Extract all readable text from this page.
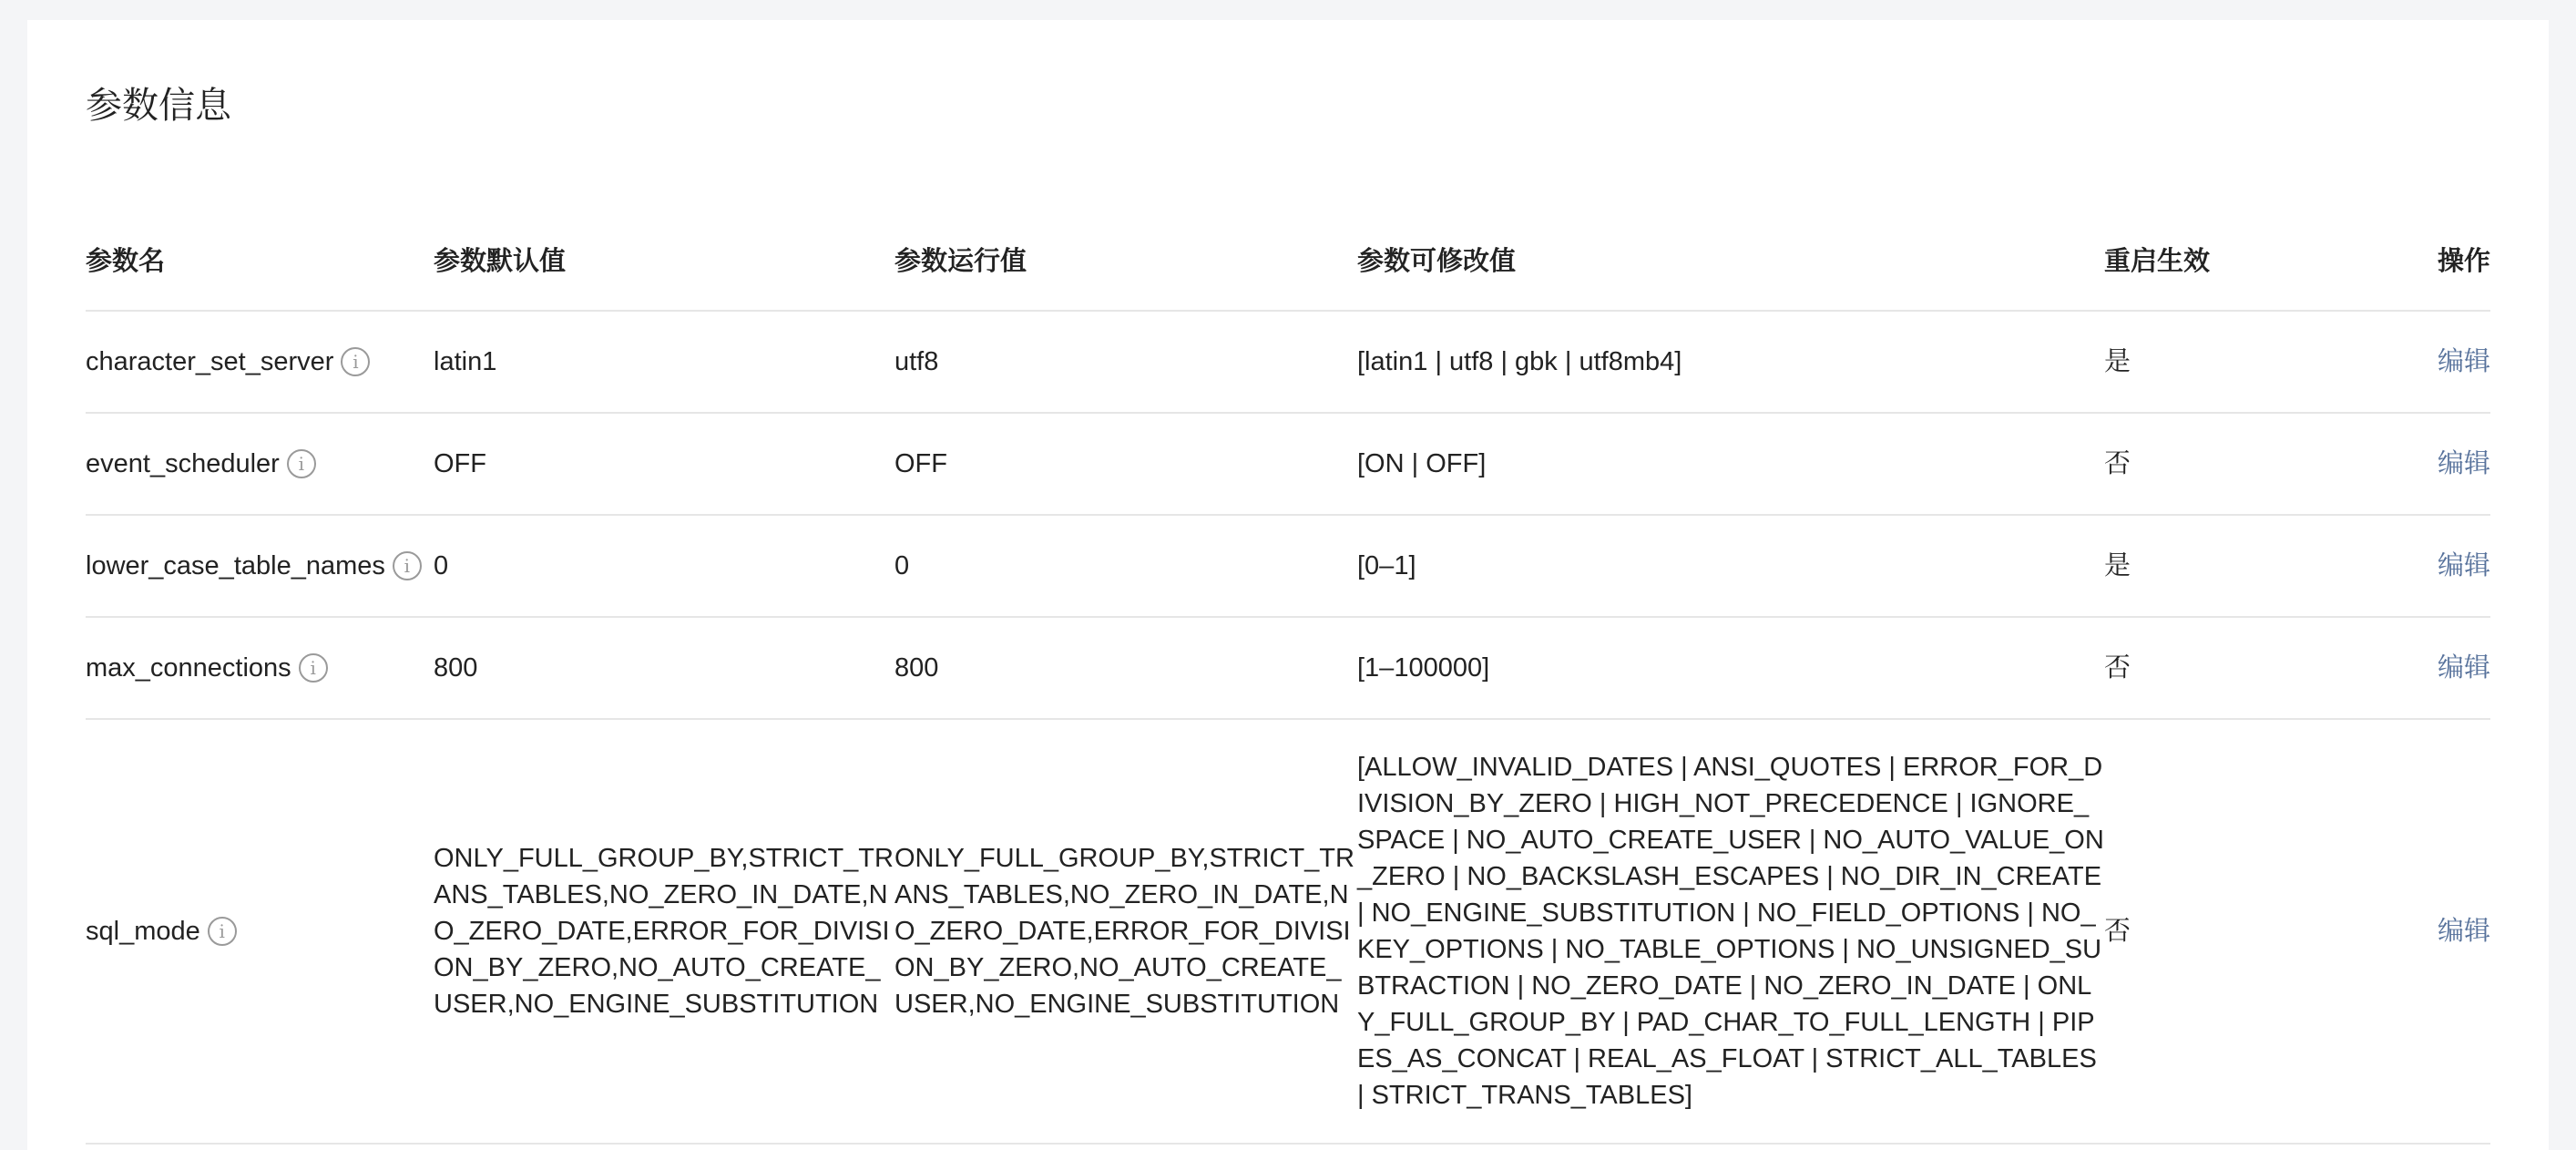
参数信息
参数名	参数默认值	参数运行值	参数可修改值	重启生效	操作

character_set_server i	latin1	utf8	[latin1 | utf8 | gbk | utf8mb4]	是	编辑

event_scheduler i	OFF	OFF	[ON | OFF]	否	编辑

lower_case_table_names i	0	0	[0–1]	是	编辑

max_connections i	800	800	[1–100000]	否	编辑

sql_mode i	ONLY_FULL_GROUP_BY,STRICT_TRANS_TABLES,NO_ZERO_IN_DATE,NO_ZERO_DATE,ERROR_FOR_DIVISION_BY_ZERO,NO_AUTO_CREATE_USER,NO_ENGINE_SUBSTITUTION	ONLY_FULL_GROUP_BY,STRICT_TRANS_TABLES,NO_ZERO_IN_DATE,NO_ZERO_DATE,ERROR_FOR_DIVISION_BY_ZERO,NO_AUTO_CREATE_USER,NO_ENGINE_SUBSTITUTION	[ALLOW_INVALID_DATES | ANSI_QUOTES | ERROR_FOR_DIVISION_BY_ZERO | HIGH_NOT_PRECEDENCE | IGNORE_SPACE | NO_AUTO_CREATE_USER | NO_AUTO_VALUE_ON_ZERO | NO_BACKSLASH_ESCAPES | NO_DIR_IN_CREATE | NO_ENGINE_SUBSTITUTION | NO_FIELD_OPTIONS | NO_KEY_OPTIONS | NO_TABLE_OPTIONS | NO_UNSIGNED_SUBTRACTION | NO_ZERO_DATE | NO_ZERO_IN_DATE | ONLY_FULL_GROUP_BY | PAD_CHAR_TO_FULL_LENGTH | PIPES_AS_CONCAT | REAL_AS_FLOAT | STRICT_ALL_TABLES | STRICT_TRANS_TABLES]	否	编辑
